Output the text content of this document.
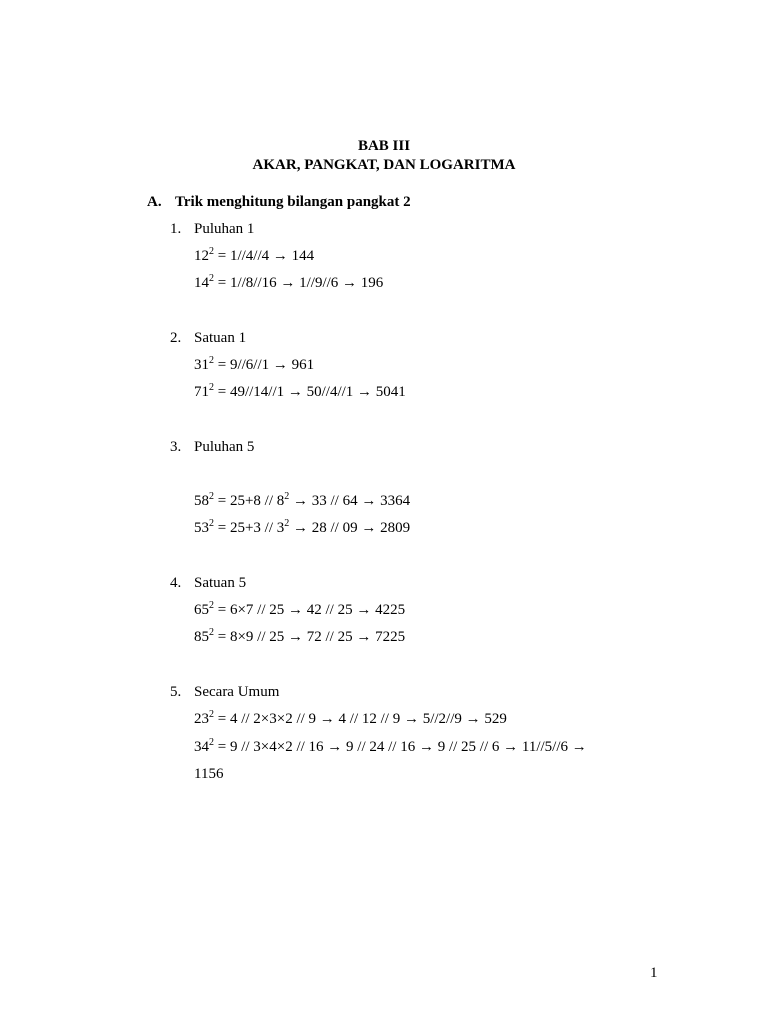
BAB III
AKAR, PANGKAT, DAN LOGARITMA
A. Trik menghitung bilangan pangkat 2
1. Puluhan 1
$12^2 = 1//4//4 \to 144$
$14^2 = 1//8//16 \to 1//9//6 \to 196$
2. Satuan 1
$31^2 = 9//6//1 \to 961$
$71^2 = 49//14//1 \to 50//4//1 \to 5041$
3. Puluhan 5
$58^2 = 25+8 // 8^2 \to 33 // 64 \to 3364$
$53^2 = 25+3 // 3^2 \to 28 // 09 \to 2809$
4. Satuan 5
$65^2 = 6\times 7 // 25 \to 42 // 25 \to 4225$
$85^2 = 8\times 9 // 25 \to 72 // 25 \to 7225$
5. Secara Umum
$23^2 = 4 // 2\times 3\times 2 // 9 \to 4 // 12 // 9 \to 5//2//9 \to 529$
$34^2 = 9 // 3\times 4\times 2 // 16 \to 9 // 24 // 16 \to 9 // 25 // 6 \to 11//5//6$ →
1156
1
